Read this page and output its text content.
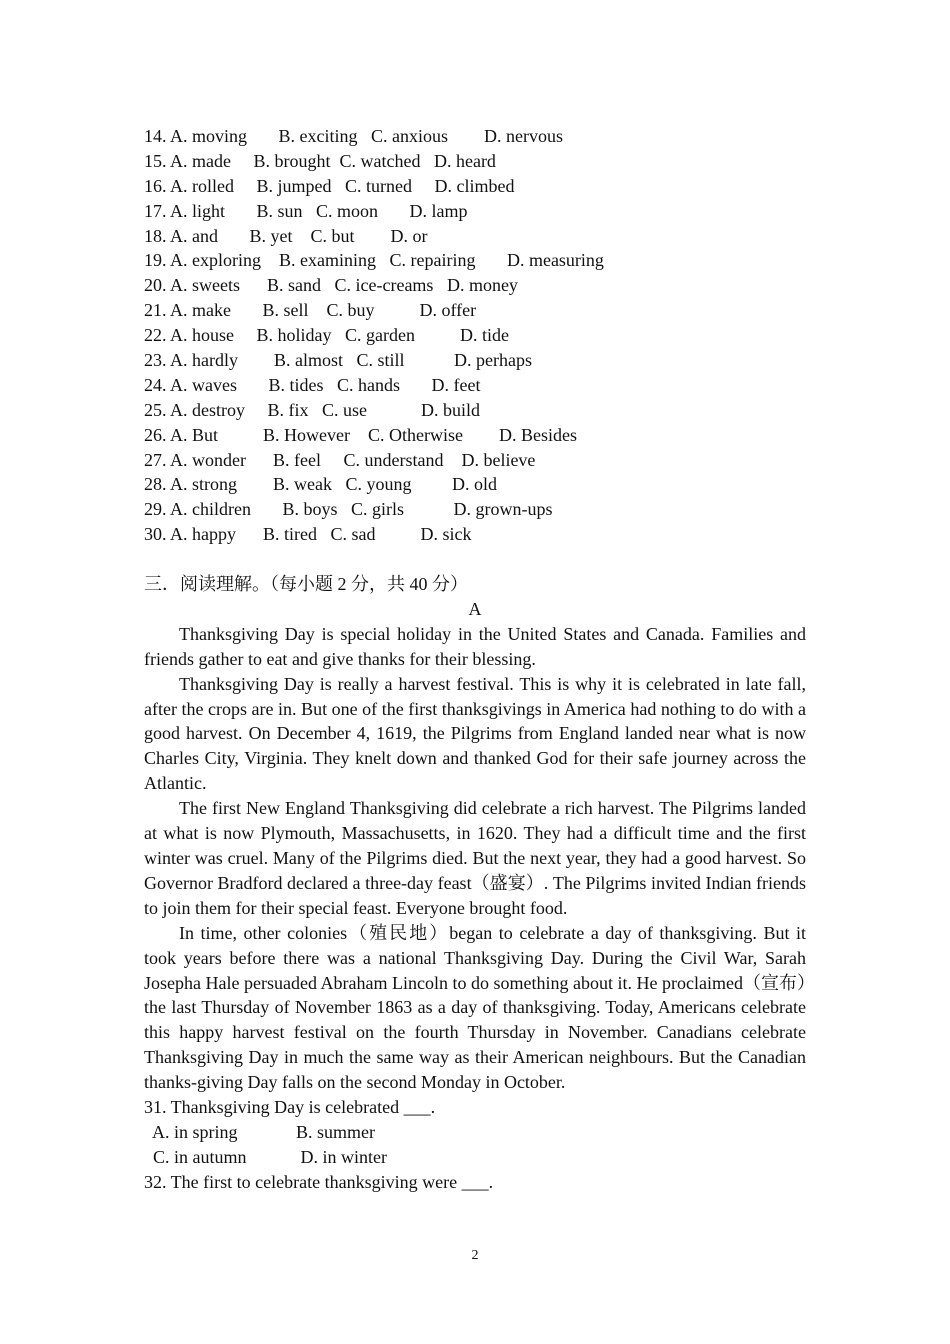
14. A. moving       B. exciting   C. anxious        D. nervous
15. A. made     B. brought  C. watched   D. heard
16. A. rolled     B. jumped   C. turned     D. climbed
17. A. light       B. sun   C. moon       D. lamp
18. A. and       B. yet    C. but        D. or
19. A. exploring    B. examining   C. repairing       D. measuring
20. A. sweets      B. sand   C. ice-creams   D. money
21. A. make       B. sell    C. buy          D. offer
22. A. house     B. holiday   C. garden          D. tide
23. A. hardly        B. almost   C. still           D. perhaps
24. A. waves       B. tides   C. hands       D. feet
25. A. destroy     B. fix   C. use            D. build
26. A. But          B. However    C. Otherwise        D. Besides
27. A. wonder      B. feel     C. understand    D. believe
28. A. strong        B. weak   C. young         D. old
29. A. children       B. boys   C. girls           D. grown-ups
30. A. happy      B. tired   C. sad          D. sick
三．阅读理解。（每小题 2 分，共 40 分）
A
Thanksgiving Day is special holiday in the United States and Canada. Families and friends gather to eat and give thanks for their blessing.
Thanksgiving Day is really a harvest festival. This is why it is celebrated in late fall, after the crops are in. But one of the first thanksgivings in America had nothing to do with a good harvest. On December 4, 1619, the Pilgrims from England landed near what is now Charles City, Virginia. They knelt down and thanked God for their safe journey across the Atlantic.
The first New England Thanksgiving did celebrate a rich harvest. The Pilgrims landed at what is now Plymouth, Massachusetts, in 1620. They had a difficult time and the first winter was cruel. Many of the Pilgrims died. But the next year, they had a good harvest. So Governor Bradford declared a three-day feast（盛宴）. The Pilgrims invited Indian friends to join them for their special feast. Everyone brought food.
In time, other colonies（殖民地）began to celebrate a day of thanksgiving. But it took years before there was a national Thanksgiving Day. During the Civil War, Sarah Josepha Hale persuaded Abraham Lincoln to do something about it. He proclaimed（宣布）the last Thursday of November 1863 as a day of thanksgiving. Today, Americans celebrate this happy harvest festival on the fourth Thursday in November. Canadians celebrate Thanksgiving Day in much the same way as their American neighbours. But the Canadian thanks-giving Day falls on the second Monday in October.
31. Thanksgiving Day is celebrated ___.
A. in spring             B. summer
C. in autumn            D. in winter
32. The first to celebrate thanksgiving were ___.
2
